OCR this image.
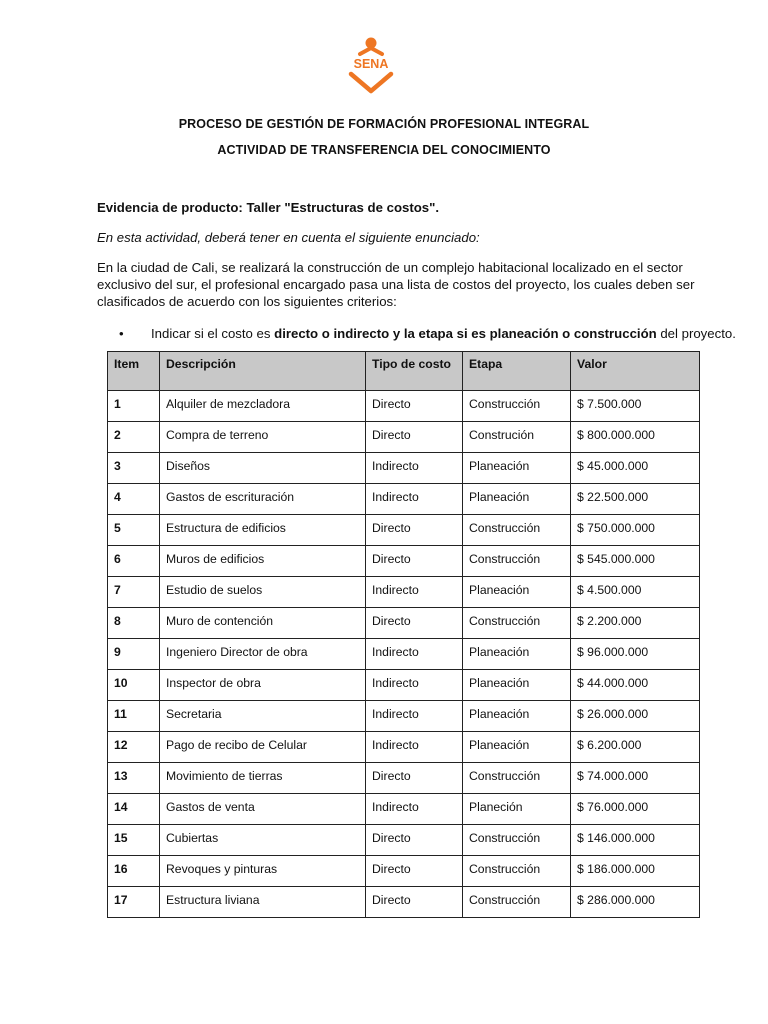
SENA
PROCESO DE GESTIÓN DE FORMACIÓN PROFESIONAL INTEGRAL
ACTIVIDAD DE TRANSFERENCIA DEL CONOCIMIENTO
Evidencia de producto: Taller "Estructuras de costos".
En esta actividad, deberá tener en cuenta el siguiente enunciado:
En la ciudad de Cali, se realizará la construcción de un complejo habitacional localizado en el sector exclusivo del sur, el profesional encargado pasa una lista de costos del proyecto, los cuales deben ser clasificados de acuerdo con los siguientes criterios:
• Indicar si el costo es directo o indirecto y la etapa si es planeación o construcción del proyecto.
Item	Descripción	Tipo de costo	Etapa	Valor
1	Alquiler de mezcladora	Directo	Construcción	$ 7.500.000
2	Compra de terreno	Directo	Construción	$ 800.000.000
3	Diseños	Indirecto	Planeación	$ 45.000.000
4	Gastos de escrituración	Indirecto	Planeación	$ 22.500.000
5	Estructura de edificios	Directo	Construcción	$ 750.000.000
6	Muros de edificios	Directo	Construcción	$ 545.000.000
7	Estudio de suelos	Indirecto	Planeación	$ 4.500.000
8	Muro de contención	Directo	Construcción	$ 2.200.000
9	Ingeniero Director de obra	Indirecto	Planeación	$ 96.000.000
10	Inspector de obra	Indirecto	Planeación	$ 44.000.000
11	Secretaria	Indirecto	Planeación	$ 26.000.000
12	Pago de recibo de Celular	Indirecto	Planeación	$ 6.200.000
13	Movimiento de tierras	Directo	Construcción	$ 74.000.000
14	Gastos de venta	Indirecto	Planeción	$ 76.000.000
15	Cubiertas	Directo	Construcción	$ 146.000.000
16	Revoques y pinturas	Directo	Construcción	$ 186.000.000
17	Estructura liviana	Directo	Construcción	$ 286.000.000
